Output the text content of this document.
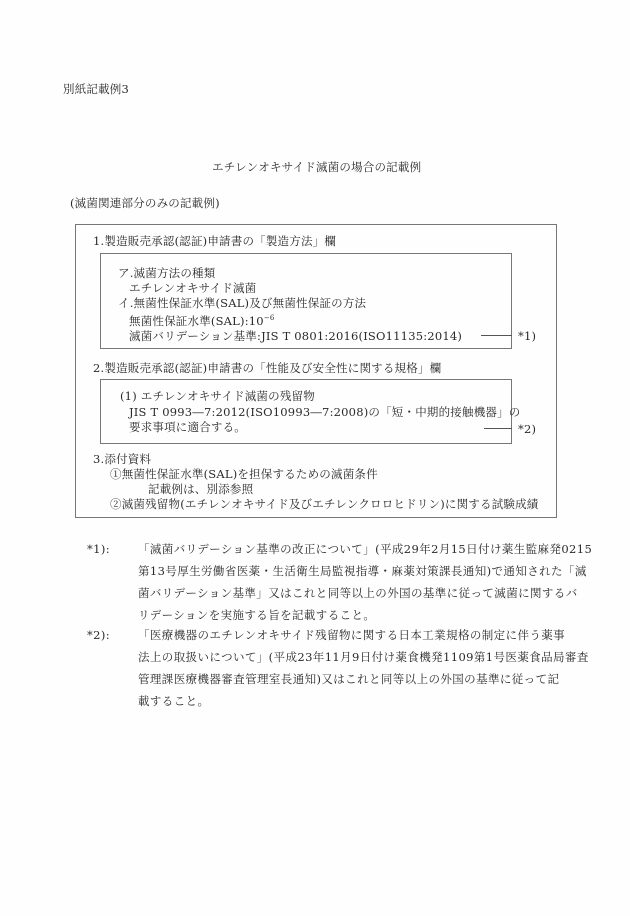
別紙記載例3
エチレンオキサイド滅菌の場合の記載例
(滅菌関連部分のみの記載例)
1.製造販売承認(認証)申請書の「製造方法」欄
ア.滅菌方法の種類
エチレンオキサイド滅菌
イ.無菌性保証水準(SAL)及び無菌性保証の方法
無菌性保証水準$(SAL):10^{-6}$
滅菌バリデーション基準:JIS T 0801:2016(ISO11135:2014)	*1)
2.製造販売承認(認証)申請書の「性能及び安全性に関する規格」欄
(1) エチレンオキサイド滅菌の残留物
JIS T 0993―7:2012(ISO10993―7:2008)の「短・中期的接触機器」の
要求事項に適合する。	*2)
3.添付資料
①無菌性保証水準(SAL)を担保するための滅菌条件
記載例は、別添参照
②滅菌残留物(エチレンオキサイド及びエチレンクロロヒドリン)に関する試験成績
*1): 「滅菌バリデーション基準の改正について」(平成29年2月15日付け薬生監麻発0215
第13号厚生労働省医薬・生活衛生局監視指導・麻薬対策課長通知)で通知された「滅
菌バリデーション基準」又はこれと同等以上の外国の基準に従って滅菌に関するバ
リデーションを実施する旨を記載すること。
*2): 「医療機器のエチレンオキサイド残留物に関する日本工業規格の制定に伴う薬事
法上の取扱いについて」(平成23年11月9日付け薬食機発1109第1号医薬食品局審査
管理課医療機器審査管理室長通知)又はこれと同等以上の外国の基準に従って記
載すること。
